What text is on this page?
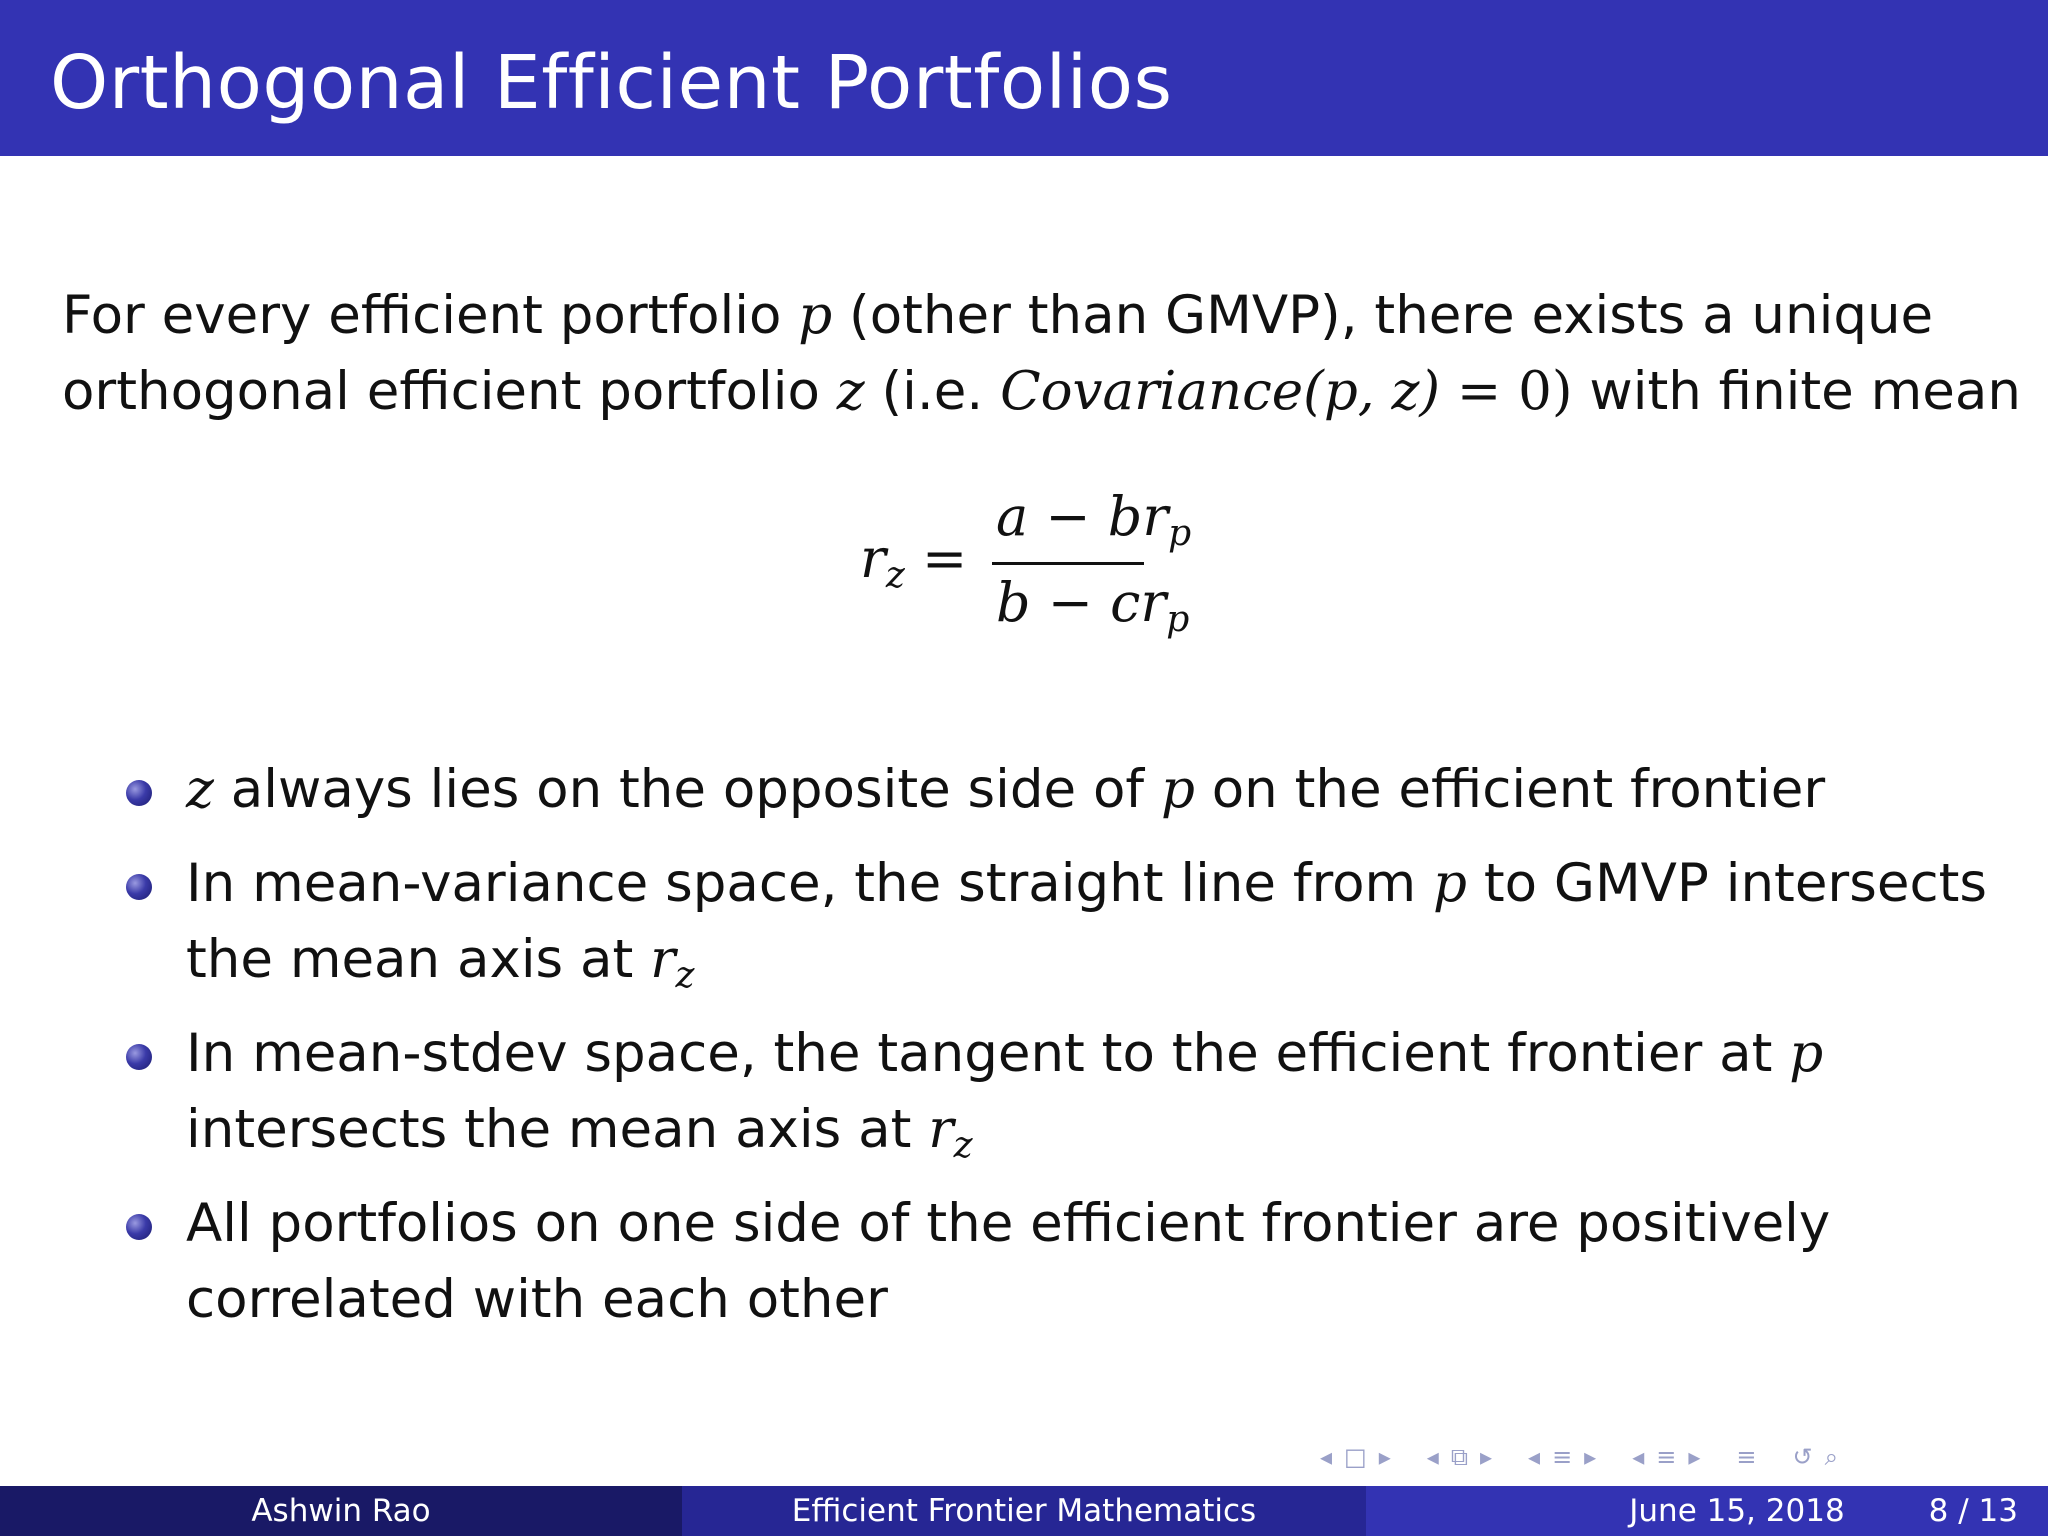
Orthogonal Efficient Portfolios
For every efficient portfolio p (other than GMVP), there exists a unique
orthogonal efficient portfolio z (i.e. Covariance(p, z) = 0) with finite mean
$r_z$ =
$a - br_p$
$b - cr_p$
z always lies on the opposite side of p on the efficient frontier
In mean-variance space, the straight line from p to GMVP intersects
the mean axis at $r_z$
In mean-stdev space, the tangent to the efficient frontier at p
intersects the mean axis at $r_z$
All portfolios on one side of the efficient frontier are positively
correlated with each other
◂ □ ▸ ◂ ⧉ ▸ ◂ ≡ ▸ ◂ ≡ ▸ ≡ ↺ ⌕
Ashwin Rao	Efficient Frontier Mathematics	June 15, 2018	8 / 13
